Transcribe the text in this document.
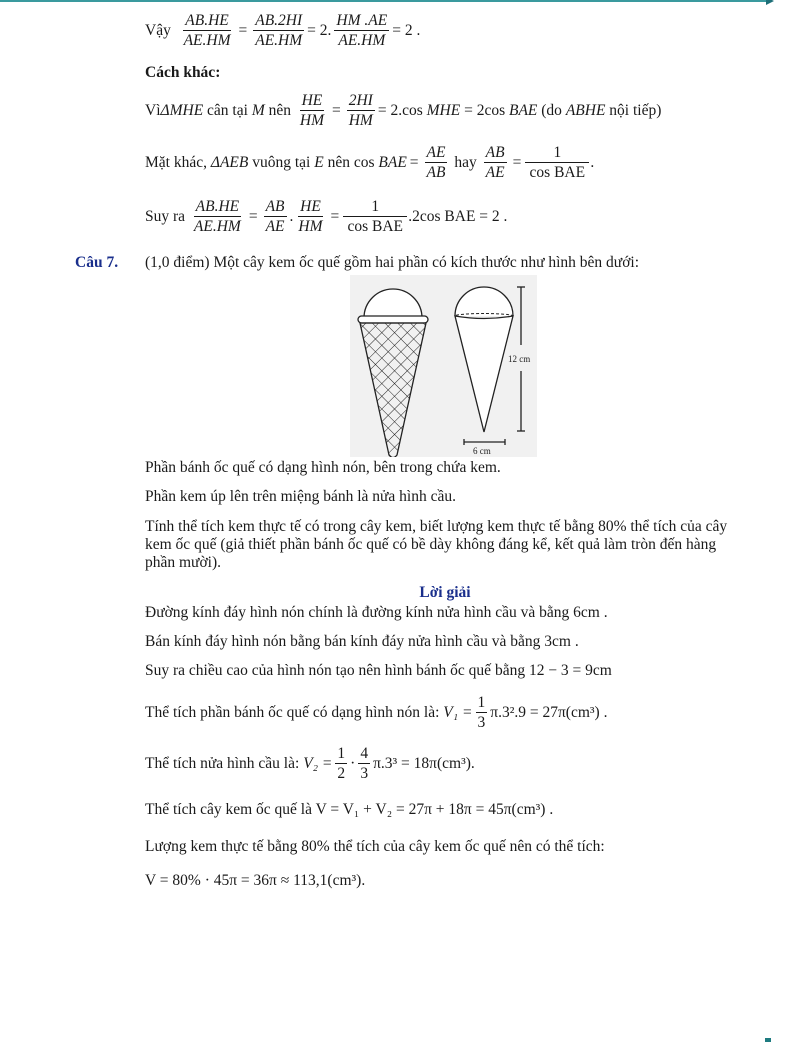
Vậy
$\frac{AB.HE}{AE.HM} = \frac{AB.2HI}{AE.HM} = 2$. $\frac{HM .AE}{AE.HM} = 2$ .
Cách khác:
Vì ΔMHE cân tại M nên $\frac{HE}{HM} = \frac{2HI}{HM} = 2.\cos$ MHE = 2cos BAE (do ABHE nội tiếp)
Mặt khác, ΔAEB vuông tại E nên cos BAE = $\frac{AE}{AB}$ hay $\frac{AB}{AE} = \frac{1}{\text{cos BAE}}$ .
Suy ra
$\frac{AB.HE}{AE.HM} = \frac{AB}{AE}$ . $\frac{HE}{HM} = \frac{1}{\text{cos BAE}} .2\cos$ BAE = 2 .
Câu 7. (1,0 điểm) Một cây kem ốc quế gồm hai phần có kích thước như hình bên dưới:
12 cm
6 cm
Phần bánh ốc quế có dạng hình nón, bên trong chứa kem.
Phần kem úp lên trên miệng bánh là nửa hình cầu.
Tính thể tích kem thực tế có trong cây kem, biết lượng kem thực tế bằng 80% thể tích của cây kem ốc quế (giả thiết phần bánh ốc quế có bề dày không đáng kể, kết quả làm tròn đến hàng phần mười).
Lời giải
Đường kính đáy hình nón chính là đường kính nửa hình cầu và bằng 6cm .
Bán kính đáy hình nón bằng bán kính đáy nửa hình cầu và bằng 3cm .
Suy ra chiều cao của hình nón tạo nên hình bánh ốc quế bằng 12 − 3 = 9cm
Thể tích phần bánh ốc quế có dạng hình nón là: $V_1 = \frac{1}{3} \pi.3^2.9 = 27\pi(cm^3)$ .
Thể tích nửa hình cầu là: $V_2 = \frac{1}{2} \cdot \frac{4}{3} \pi.3^3 = 18\pi(cm^3)$.
Thể tích cây kem ốc quế là V = V₁ + V₂ = 27π + 18π = 45π(cm³) .
Lượng kem thực tế bằng 80% thể tích của cây kem ốc quế nên có thể tích:
V = 80% · 45π = 36π ≈ 113,1(cm³).
